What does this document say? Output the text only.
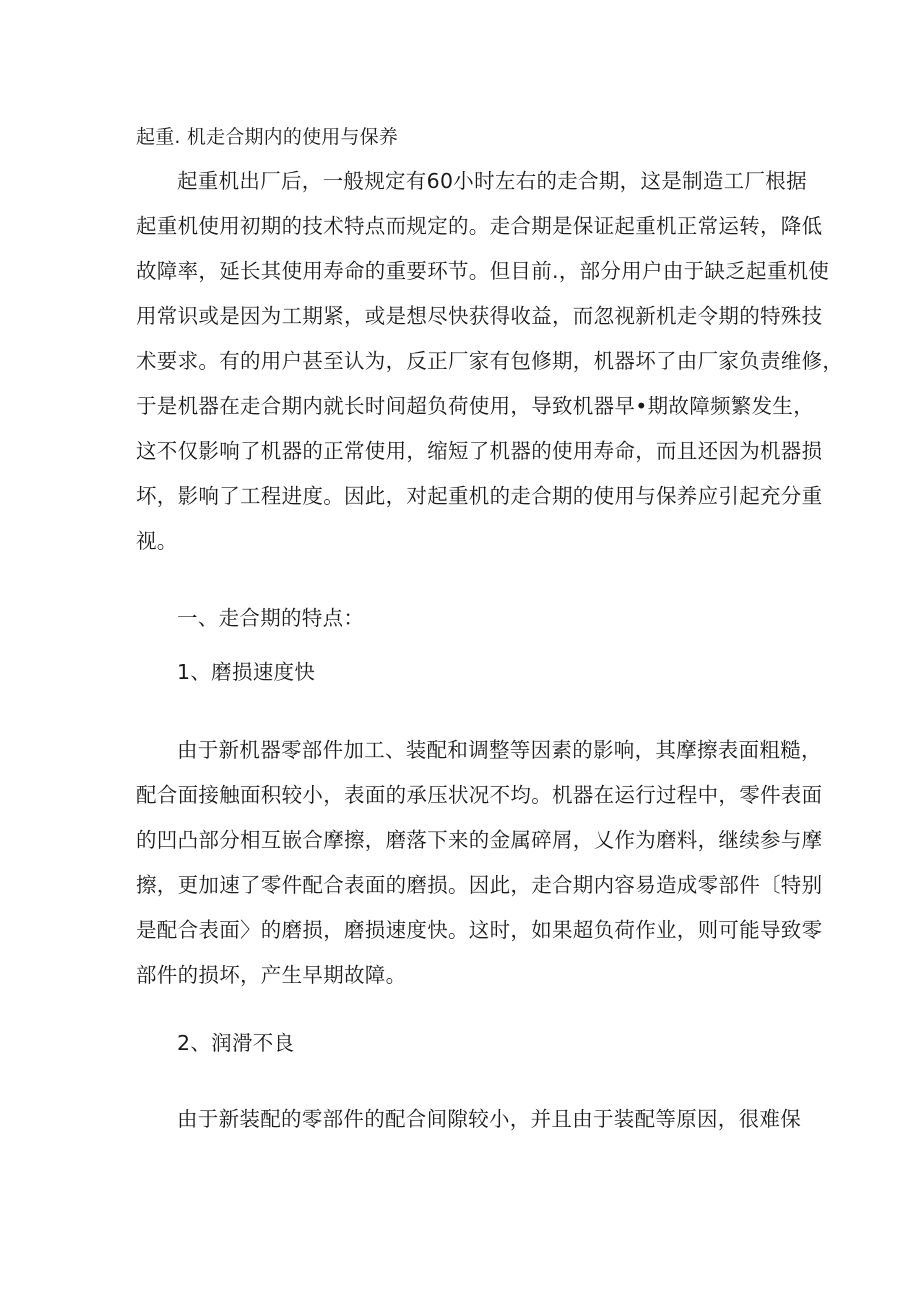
起重. 机走合期内的使用与保养
起重机出厂后，一般规定有60小时左右的走合期，这是制造工厂根据
起重机使用初期的技术特点而规定的。走合期是保证起重机正常运转，降低
故障率，延长其使用寿命的重要环节。但目前.，部分用户由于缺乏起重机使
用常识或是因为工期紧，或是想尽快获得收益，而忽视新机走令期的特殊技
术要求。有的用户甚至认为，反正厂家有包修期，机器坏了由厂家负责维修，
于是机器在走合期内就长时间超负荷使用，导致机器早•期故障频繁发生，
这不仅影响了机器的正常使用，缩短了机器的使用寿命，而且还因为机器损
坏，影响了工程进度。因此，对起重机的走合期的使用与保养应引起充分重
视。
一、走合期的特点：
1、磨损速度快
由于新机器零部件加工、装配和调整等因素的影响，其摩擦表面粗糙，
配合面接触面积较小，表面的承压状况不均。机器在运行过程中，零件表面
的凹凸部分相互嵌合摩擦，磨落下来的金属碎屑，乂作为磨料，继续参与摩
擦，更加速了零件配合表面的磨损。因此，走合期内容易造成零部件〔特别
是配合表面〉的磨损，磨损速度快。这时，如果超负荷作业，则可能导致零
部件的损坏，产生早期故障。
2、润滑不良
由于新装配的零部件的配合间隙较小，并且由于装配等原因，很难保
